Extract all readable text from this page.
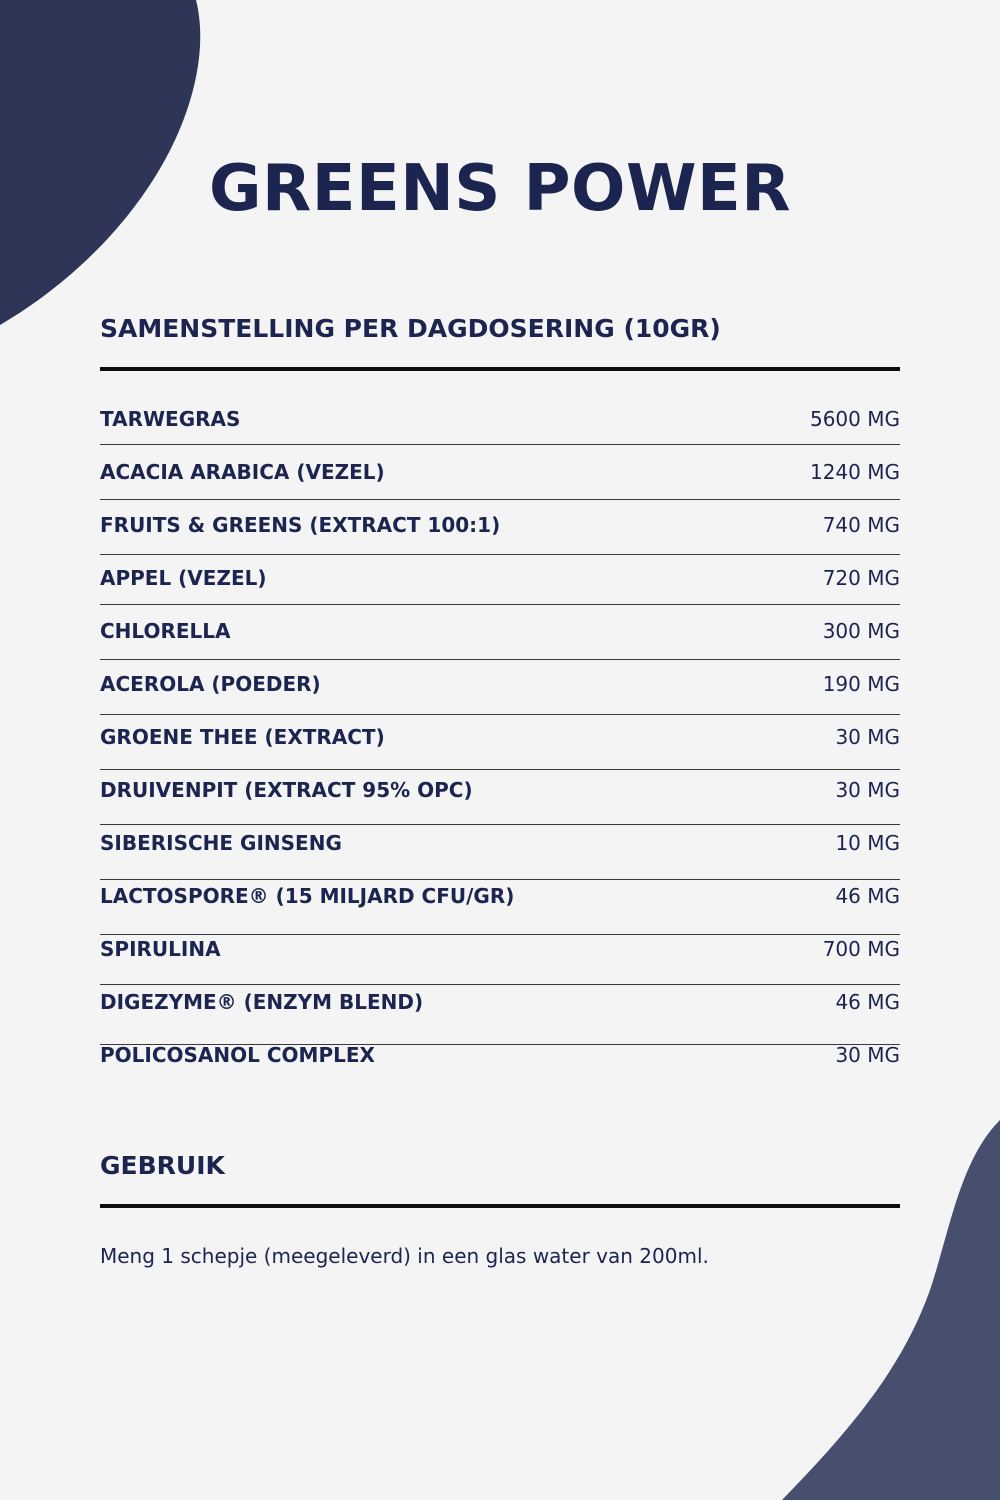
GREENS POWER
SAMENSTELLING PER DAGDOSERING (10GR)
TARWEGRAS	5600 MG
ACACIA ARABICA (VEZEL)	1240 MG
FRUITS & GREENS (EXTRACT 100:1)	740 MG
APPEL (VEZEL)	720 MG
CHLORELLA	300 MG
ACEROLA (POEDER)	190 MG
GROENE THEE (EXTRACT)	30 MG
DRUIVENPIT (EXTRACT 95% OPC)	30 MG
SIBERISCHE GINSENG	10 MG
LACTOSPORE® (15 MILJARD CFU/GR)	46 MG
SPIRULINA	700 MG
DIGEZYME® (ENZYM BLEND)	46 MG
POLICOSANOL COMPLEX	30 MG
GEBRUIK

Meng 1 schepje (meegeleverd) in een glas water van 200ml.
